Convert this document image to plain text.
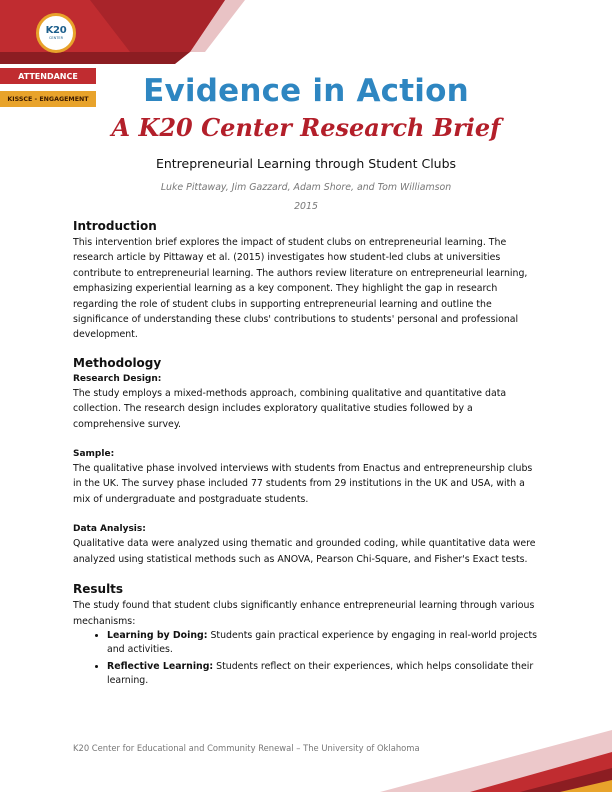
K20
CENTER
ATTENDANCE
KISSCE - ENGAGEMENT	Evidence in Action
A K20 Center Research Brief
Entrepreneurial Learning through Student Clubs
Luke Pittaway, Jim Gazzard, Adam Shore, and Tom Williamson
2015
Introduction

This intervention brief explores the impact of student clubs on entrepreneurial learning. The research article by Pittaway et al. (2015) investigates how student-led clubs at universities contribute to entrepreneurial learning. The authors review literature on entrepreneurial learning, emphasizing experiential learning as a key component. They highlight the gap in research regarding the role of student clubs in supporting entrepreneurial learning and outline the significance of understanding these clubs' contributions to students' personal and professional development.

Methodology
Research Design:

The study employs a mixed-methods approach, combining qualitative and quantitative data collection. The research design includes exploratory qualitative studies followed by a comprehensive survey.

Sample:

The qualitative phase involved interviews with students from Enactus and entrepreneurship clubs in the UK. The survey phase included 77 students from 29 institutions in the UK and USA, with a mix of undergraduate and postgraduate students.

Data Analysis:

Qualitative data were analyzed using thematic and grounded coding, while quantitative data were analyzed using statistical methods such as ANOVA, Pearson Chi-Square, and Fisher's Exact tests.

Results

The study found that student clubs significantly enhance entrepreneurial learning through various mechanisms:

• Learning by Doing: Students gain practical experience by engaging in real-world projects and activities.
• Reflective Learning: Students reflect on their experiences, which helps consolidate their learning.
K20 Center for Educational and Community Renewal – The University of Oklahoma
